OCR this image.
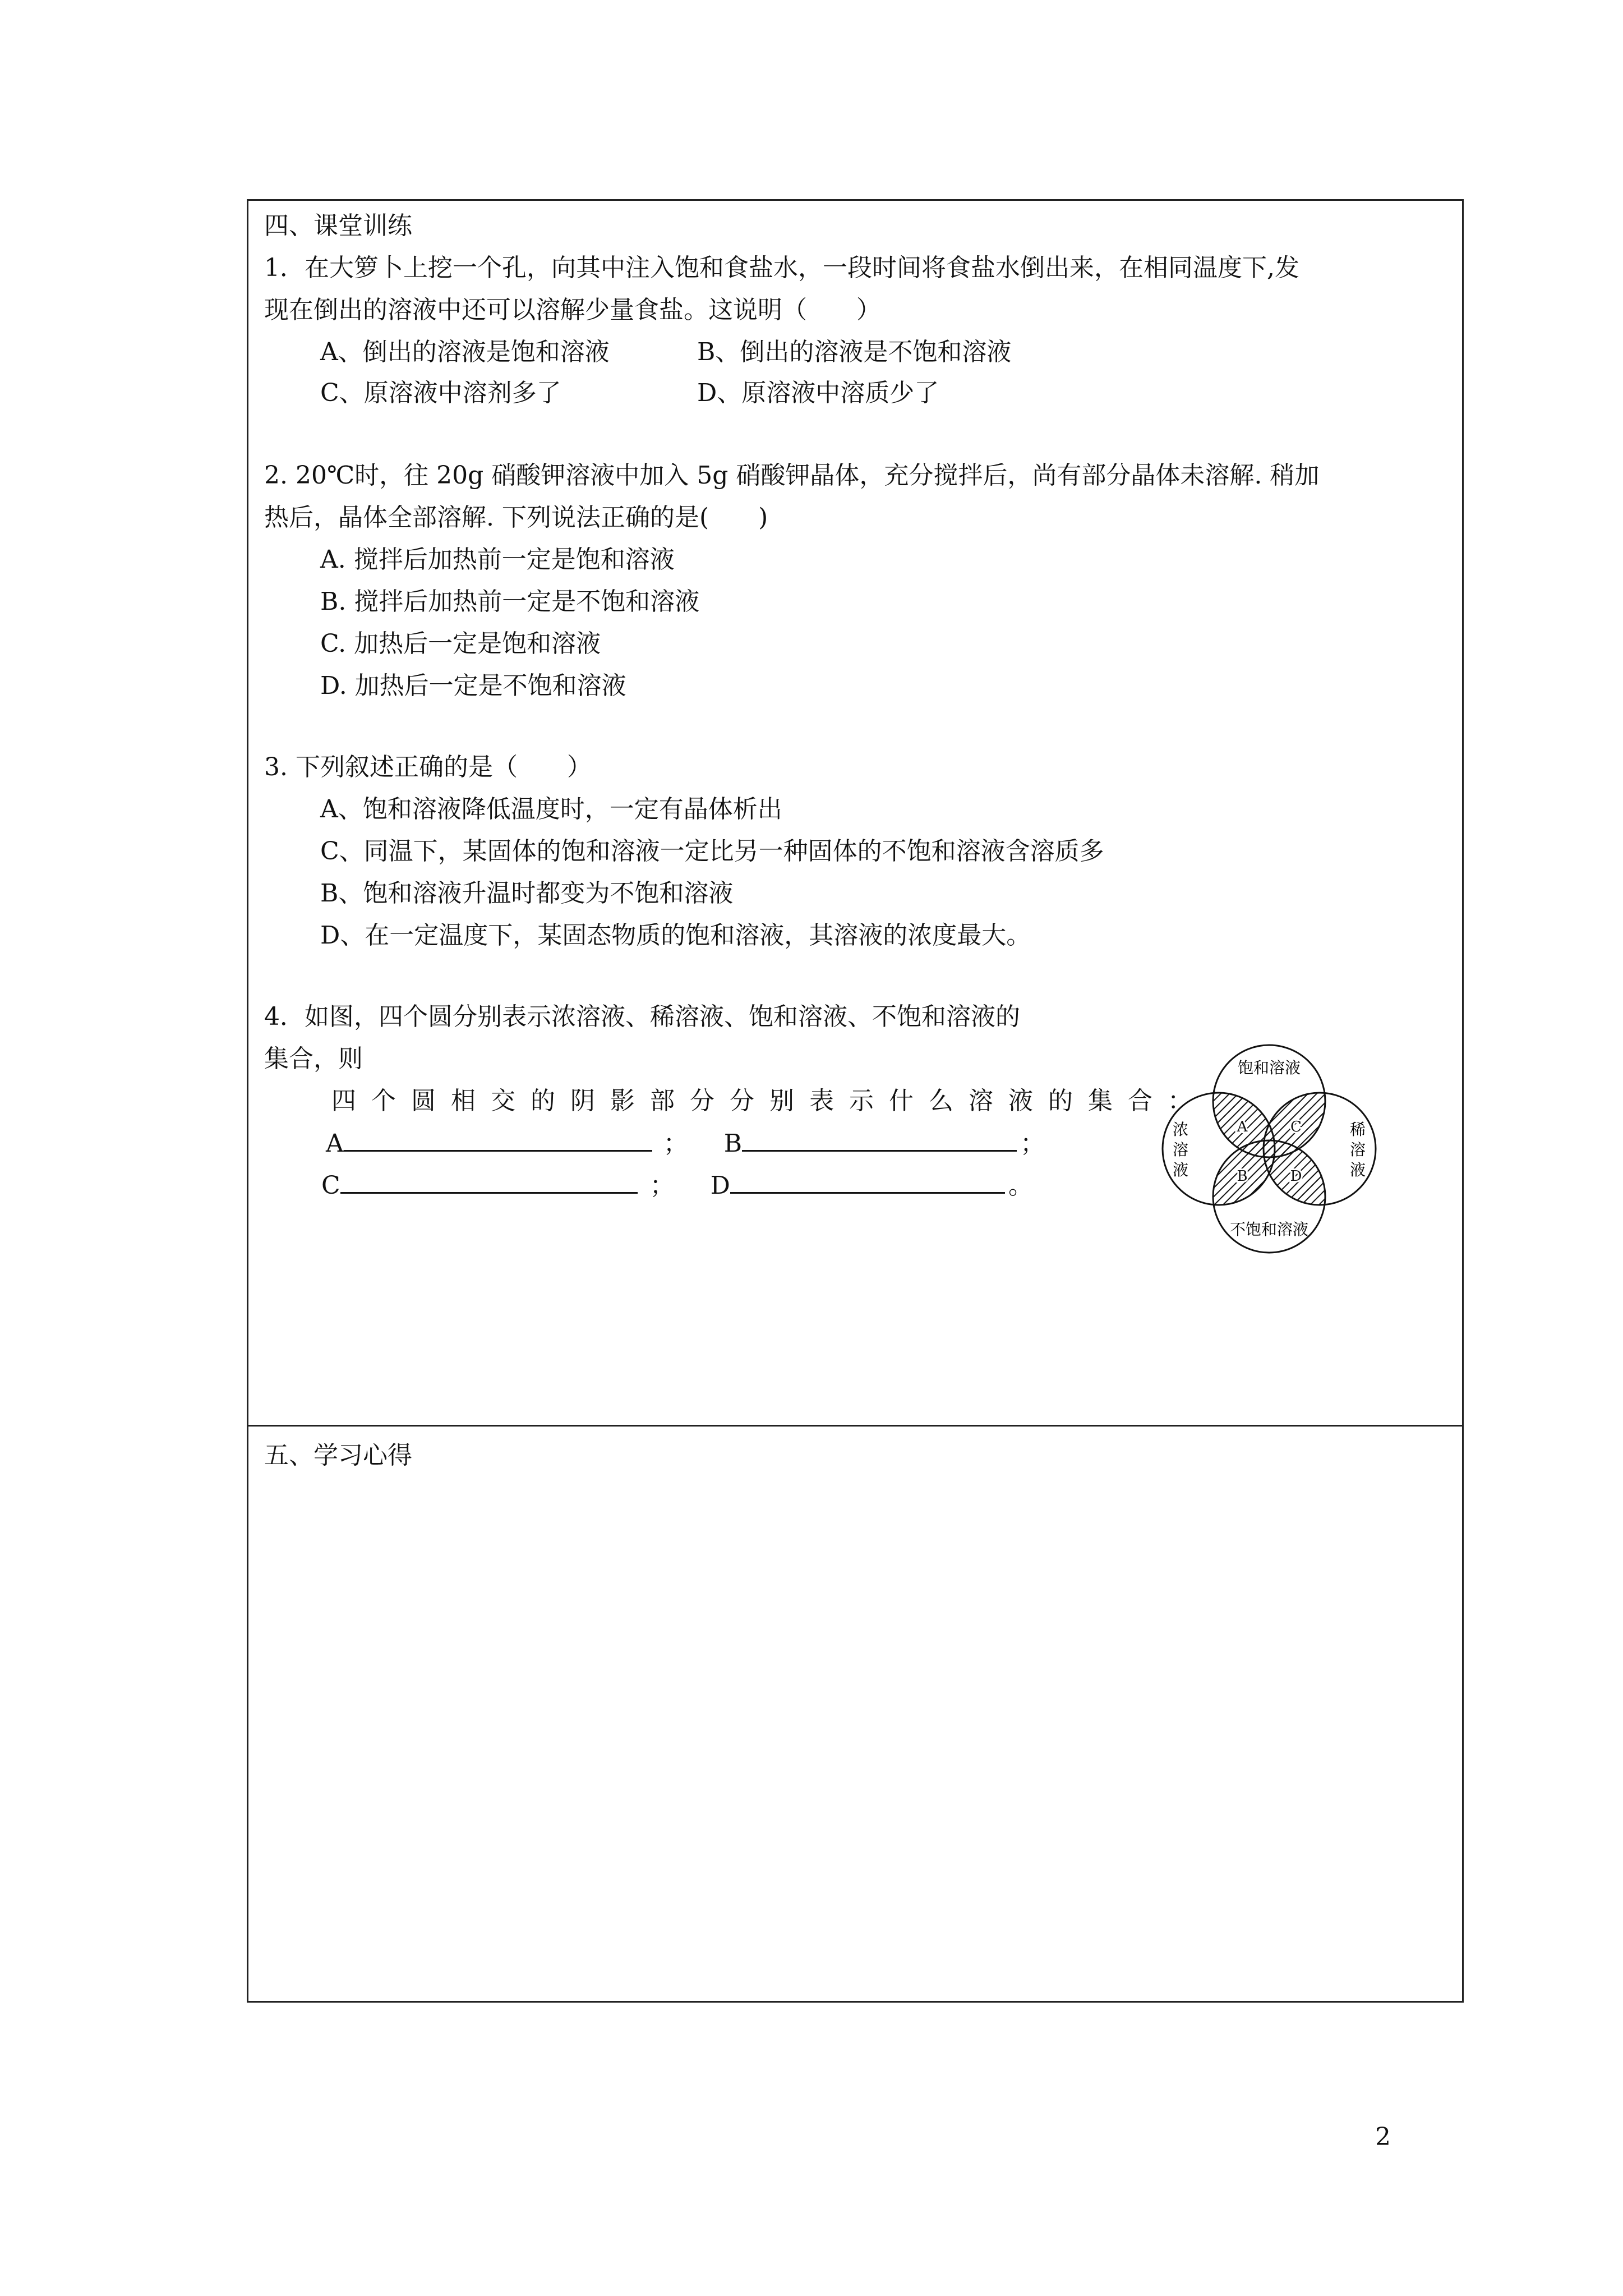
四、课堂训练
1．在大箩卜上挖一个孔，向其中注入饱和食盐水，一段时间将食盐水倒出来，在相同温度下,发
现在倒出的溶液中还可以溶解少量食盐。这说明（　　）
A、倒出的溶液是饱和溶液	B、倒出的溶液是不饱和溶液
C、原溶液中溶剂多了	D、原溶液中溶质少了
2. 20℃时，往 20g 硝酸钾溶液中加入 5g 硝酸钾晶体，充分搅拌后，尚有部分晶体未溶解. 稍加
热后，晶体全部溶解. 下列说法正确的是(　　)
A. 搅拌后加热前一定是饱和溶液
B. 搅拌后加热前一定是不饱和溶液
C. 加热后一定是饱和溶液
D. 加热后一定是不饱和溶液
3. 下列叙述正确的是（　　）
A、饱和溶液降低温度时，一定有晶体析出
C、同温下，某固体的饱和溶液一定比另一种固体的不饱和溶液含溶质多
B、饱和溶液升温时都变为不饱和溶液
D、在一定温度下，某固态物质的饱和溶液，其溶液的浓度最大。
4．如图，四个圆分别表示浓溶液、稀溶液、饱和溶液、不饱和溶液的
集合，则
四个圆相交的阴影部分分别表示什么溶液的集合：
A	； B	；
C	； D	。
饱和溶液
不饱和溶液
浓
溶
液
稀
溶
液
A
B
C
D
五、学习心得
2
